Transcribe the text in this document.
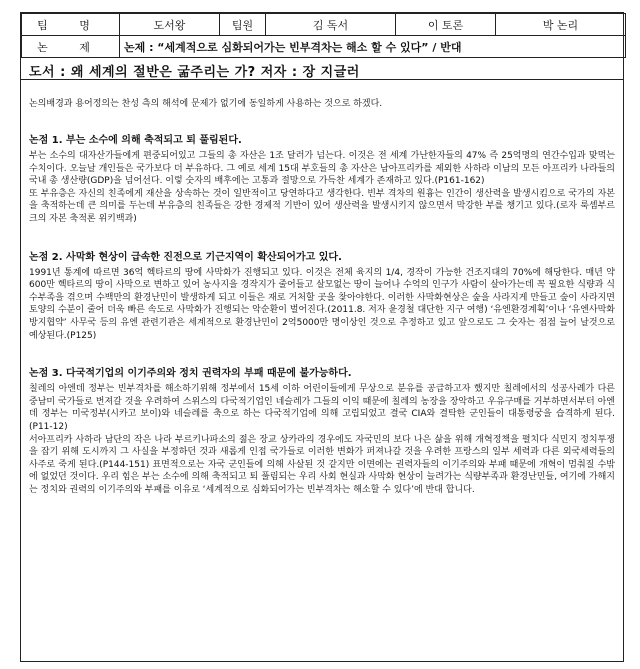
팀 명	도서왕	팀원	김 독서	이 토론	박 논리
논 제	논제 : “세계적으로 심화되어가는 빈부격차는 해소 할 수 있다” / 반대				
도서 : 왜 세계의 절반은 굶주리는 가? 저자 : 장 지글러
논의배경과 용어정의는 찬성 측의 해석에 문제가 없기에 동일하게 사용하는 것으로 하겠다.
논점 1. 부는 소수에 의해 축적되고 퇴 풀림된다.

부는 소수의 대자산가들에게 편중되어있고 그들의 총 자산은 1조 달러가 넘는다. 이것은 전 세계 가난한자들의 47% 즉 25억명의 연간수입과 맞먹는 수치이다. 오늘날 개인들은 국가보다 더 부유하다. 그 예로 세계 15대 부호들의 총 자산은 남아프리카를 제외한 사하라 이남의 모든 아프리카 나라들의 국내 총 생산량(GDP)을 넘어선다. 이렇 숫자의 배후에는 고통과 절망으로 가득찬 세계가 존재하고 있다.(P161-162)

또 부유층은 자신의 친족에게 재산을 상속하는 것이 일반적이고 당연하다고 생각한다. 빈부 격차의 원흉는 인간이 생산력을 발생시킴으로 국가의 자본을 축적하는데 큰 의미를 두는데 부유층의 친족들은 강한 경제적 기반이 있어 생산력을 발생시키지 않으면서 막강한 부를 챙기고 있다.(로자 룩셈부르크의 자본 축적론 위키백과)

논점 2. 사막화 현상이 급속한 진전으로 기근지역이 확산되어가고 있다.

1991년 통계에 따르면 36억 헥타르의 땅에 사막화가 진행되고 있다. 이것은 전체 육지의 1/4, 경작이 가능한 건조지대의 70%에 해당한다. 매년 약600만 헥타르의 땅이 사막으로 변하고 있어 농사지을 경작지가 줄어들고 살모없는 땅이 늘어나 수억의 인구가 사람이 살아가는데 꼭 필요한 식량과 식수부족을 겪으며 수백만의 환경난민이 발생하게 되고 이들은 재로 거처할 곳을 찾아야한다. 이러한 사막화현상은 숲을 사라지게 만들고 숲이 사라지면 토양의 수분이 줄어 더욱 빠른 속도로 사막화가 진행되는 악순환이 벌어진다.(2011.8. 저자 윤경철 대단한 지구 여행) ‘유엔환경계획’이나 ‘유엔사막화 방지협약’ 사무국 등의 유엔 관련기관은 세계적으로 환경난민이 2억5000만 명이상인 것으로 추정하고 있고 앞으로도 그 숫자는 점점 늘어 날것으로 예상된다.(P125)

논점 3. 다국적기업의 이기주의와 정치 권력자의 부패 때문에 불가능하다.

칠레의 아엔데 정부는 빈부격차를 해소하기위해 정부에서 15세 이하 어린이들에게 무상으로 분유를 공급하고자 했지만 칠레에서의 성공사례가 다른 중남미 국가들로 번져갈 것을 우려하여 스위스의 다국적기업인 네슬레가 그들의 이익 때문에 칠레의 농장을 장악하고 우유구매를 거부하면서부터 아엔데 정부는 미국정부(시카고 보이)와 네슬레를 축으로 하는 다국적기업에 의해 고립되었고 결국 CIA와 결탁한 군인들이 대통령궁을 습격하게 된다.(P11-12)

서아프리카 사하라 남단의 작은 나라 부르키나파소의 젊은 장교 상카라의 경우에도 자국민의 보다 나은 삶을 위해 개혁정책을 펼치다 식민지 정치투쟁을 잡기 위해 도시까지 그 사실을 부정하던 것과 새롭게 인접 국가들로 이러한 변화가 퍼져나갈 것을 우려한 프랑스의 일부 세력과 다른 외국세력들의 사주로 죽게 된다.(P144-151) 표면적으로는 자국 군인들에 의해 사살된 것 같지만 이면에는 권력자들의 이기주의와 부패 때문에 개혁이 멈춰질 수밖에 없었던 것이다. 우리 힘은 부는 소수에 의해 축적되고 퇴 풀림되는 우리 사회 현실과 사막화 현상이 늘려가는 식량부족과 환경난민들, 여기에 가해지는 정치와 권력의 이기주의와 부패를 이유로 ‘세계적으로 심화되어가는 빈부격차는 해소할 수 있다’에 반대 합니다.
